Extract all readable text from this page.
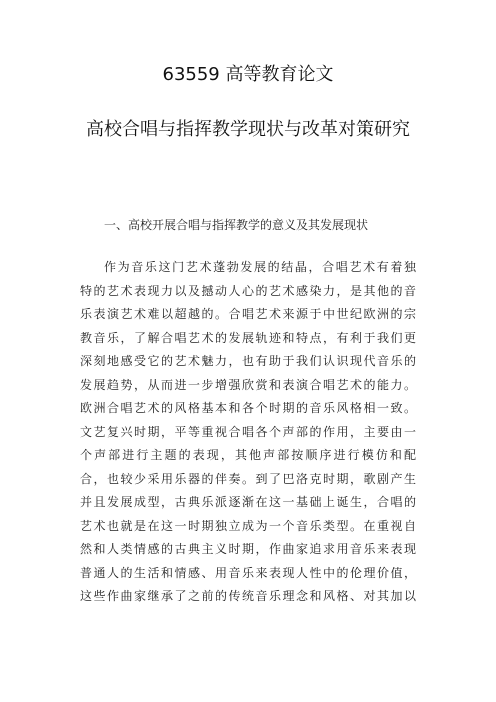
63559 高等教育论文
高校合唱与指挥教学现状与改革对策研究
一、高校开展合唱与指挥教学的意义及其发展现状
作为音乐这门艺术蓬勃发展的结晶，合唱艺术有着独
特的艺术表现力以及撼动人心的艺术感染力，是其他的音
乐表演艺术难以超越的。合唱艺术来源于中世纪欧洲的宗
教音乐，了解合唱艺术的发展轨迹和特点，有利于我们更
深刻地感受它的艺术魅力，也有助于我们认识现代音乐的
发展趋势，从而进一步增强欣赏和表演合唱艺术的能力。
欧洲合唱艺术的风格基本和各个时期的音乐风格相一致。
文艺复兴时期，平等重视合唱各个声部的作用，主要由一
个声部进行主题的表现，其他声部按顺序进行模仿和配
合，也较少采用乐器的伴奏。到了巴洛克时期，歌剧产生
并且发展成型，古典乐派逐渐在这一基础上诞生，合唱的
艺术也就是在这一时期独立成为一个音乐类型。在重视自
然和人类情感的古典主义时期，作曲家追求用音乐来表现
普通人的生活和情感、用音乐来表现人性中的伦理价值，
这些作曲家继承了之前的传统音乐理念和风格、对其加以
